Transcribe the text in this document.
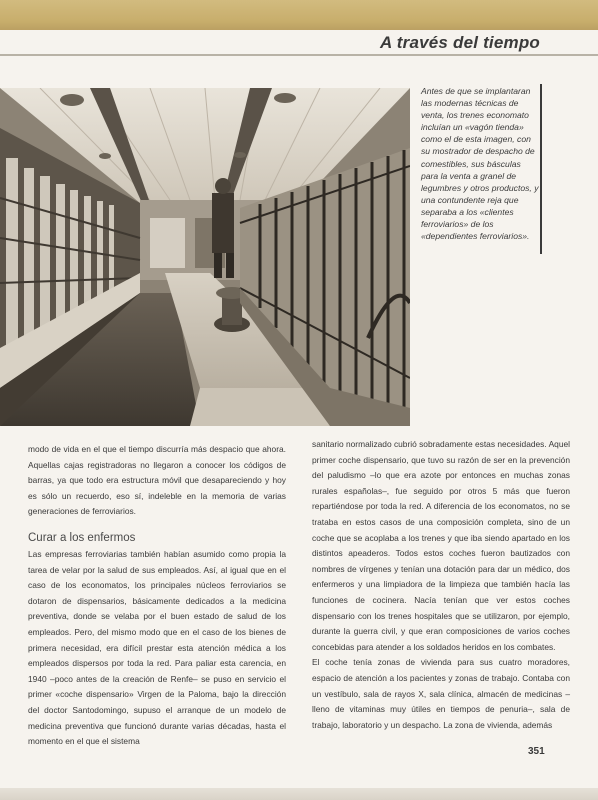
A través del tiempo
Antes de que se implantaran las modernas técnicas de venta, los trenes economato incluían un «vagón tienda» como el de esta imagen, con su mostrador de despacho de comestibles, sus básculas para la venta a granel de legumbres y otros productos, y una contundente reja que separaba a los «clientes ferroviarios» de los «dependientes ferroviarios».

modo de vida en el que el tiempo discurría más despacio que ahora. Aquellas cajas registradoras no llegaron a conocer los códigos de barras, ya que todo era estructura móvil que desapareciendo y hoy es sólo un recuerdo, eso sí, indeleble en la memoria de varias generaciones de ferroviarios.

Curar a los enfermos

Las empresas ferroviarias también habían asumido como propia la tarea de velar por la salud de sus empleados. Así, al igual que en el caso de los economatos, los principales núcleos ferroviarios se dotaron de dispensarios, básicamente dedicados a la medicina preventiva, donde se velaba por el buen estado de salud de los empleados. Pero, del mismo modo que en el caso de los bienes de primera necesidad, era difícil prestar esta atención médica a los empleados dispersos por toda la red. Para paliar esta carencia, en 1940 –poco antes de la creación de Renfe– se puso en servicio el primer «coche dispensario» Virgen de la Paloma, bajo la dirección del doctor Santodomingo, supuso el arranque de un modelo de medicina preventiva que funcionó durante varias décadas, hasta el momento en el que el sistema

sanitario normalizado cubrió sobradamente estas necesidades. Aquel primer coche dispensario, que tuvo su razón de ser en la prevención del paludismo –lo que era azote por entonces en muchas zonas rurales españolas–, fue seguido por otros 5 más que fueron repartiéndose por toda la red. A diferencia de los economatos, no se trataba en estos casos de una composición completa, sino de un coche que se acoplaba a los trenes y que iba siendo apartado en los distintos apeaderos. Todos estos coches fueron bautizados con nombres de vírgenes y tenían una dotación para dar un médico, dos enfermeros y una limpiadora de la limpieza que también hacía las funciones de cocinera. Nacía tenían que ver estos coches dispensario con los trenes hospitales que se utilizaron, por ejemplo, durante la guerra civil, y que eran composiciones de varios coches concebidas para atender a los soldados heridos en los combates.

El coche tenía zonas de vivienda para sus cuatro moradores, espacio de atención a los pacientes y zonas de trabajo. Contaba con un vestíbulo, sala de rayos X, sala clínica, almacén de medicinas –lleno de vitaminas muy útiles en tiempos de penuria–, sala de trabajo, laboratorio y un despacho. La zona de vivienda, además

351
